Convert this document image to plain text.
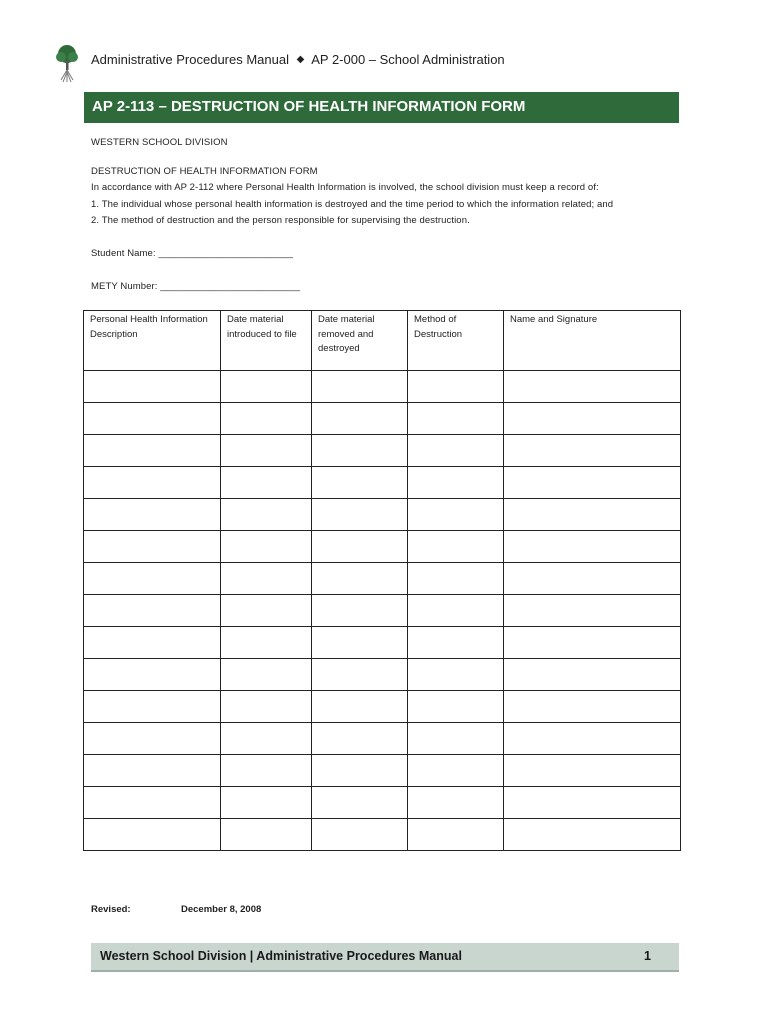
Administrative Procedures Manual ◆ AP 2-000 – School Administration
AP 2-113 – DESTRUCTION OF HEALTH INFORMATION FORM
WESTERN SCHOOL DIVISION
DESTRUCTION OF HEALTH INFORMATION FORM
In accordance with AP 2-112 where Personal Health Information is involved, the school division must keep a record of:
1. The individual whose personal health information is destroyed and the time period to which the information related; and
2. The method of destruction and the person responsible for supervising the destruction.
Student Name: _________________________
METY Number: __________________________
Personal Health Information Description	Date material introduced to file	Date material removed and destroyed	Method of Destruction	Name and Signature

Revised:	December 8, 2008
Western School Division | Administrative Procedures Manual	1
